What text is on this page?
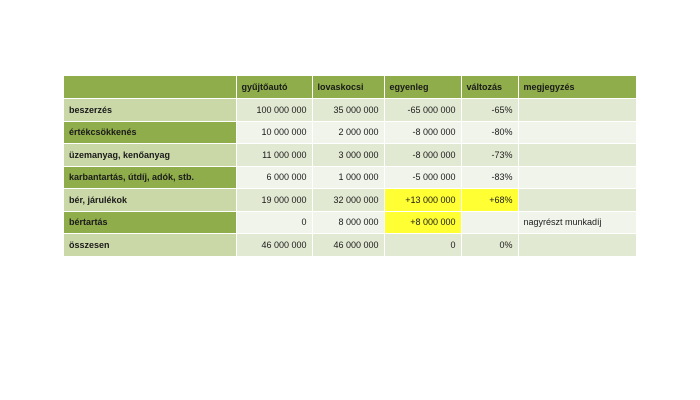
	gyűjtőautó	lovaskocsi	egyenleg	változás	megjegyzés
beszerzés	100 000 000	35 000 000	-65 000 000	-65%	
értékcsökkenés	10 000 000	2 000 000	-8 000 000	-80%	
üzemanyag, kenőanyag	11 000 000	3 000 000	-8 000 000	-73%	
karbantartás, útdíj, adók, stb.	6 000 000	1 000 000	-5 000 000	-83%	
bér, járulékok	19 000 000	32 000 000	+13 000 000	+68%	
bértartás	0	8 000 000	+8 000 000		nagyrészt munkadíj
összesen	46 000 000	46 000 000	0	0%	
